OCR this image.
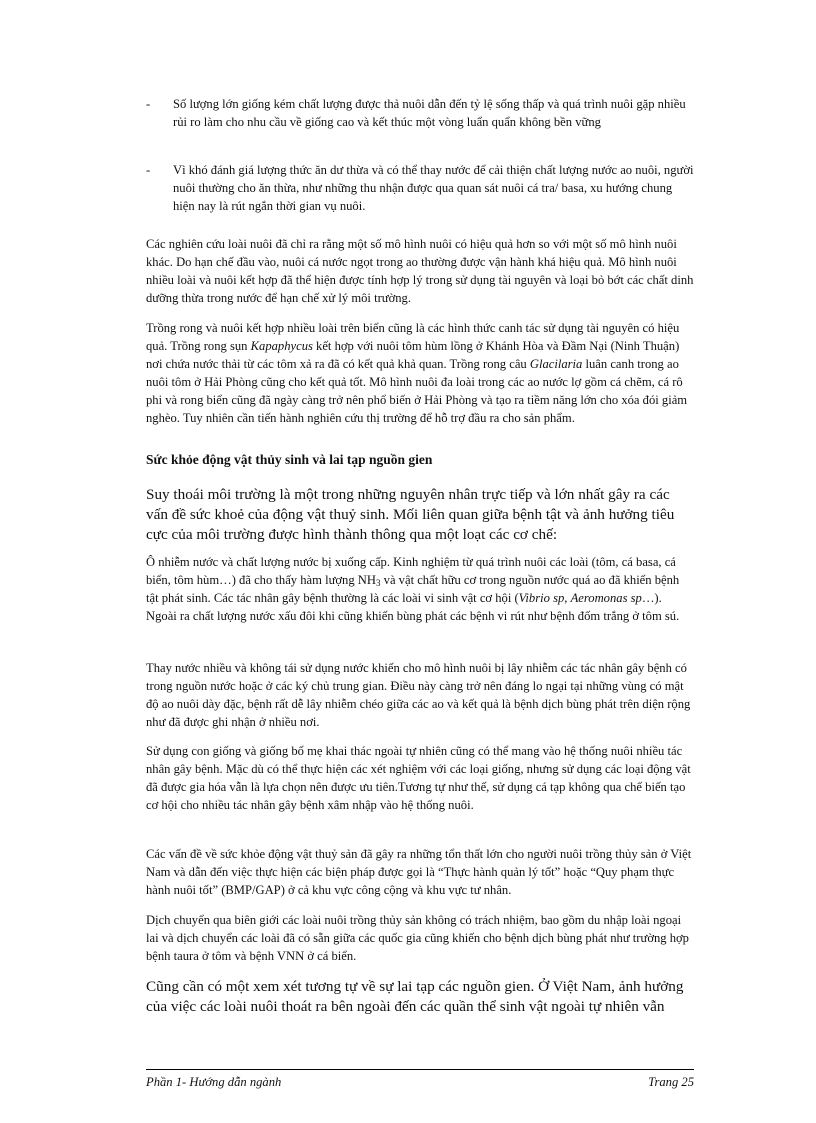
-	Số lượng lớn giống kém chất lượng được thả nuôi dẫn đến tỷ lệ sống thấp và quá trình nuôi gặp nhiều rủi ro làm cho nhu cầu về giống cao và kết thúc một vòng luẩn quẩn không bền vững
-	Vì khó đánh giá lượng thức ăn dư thừa và có thể thay nước để cải thiện chất lượng nước ao nuôi, người nuôi thường cho ăn thừa, như những thu nhận được qua quan sát nuôi cá tra/ basa, xu hướng chung hiện nay là rút ngắn thời gian vụ nuôi.
Các nghiên cứu loài nuôi đã chỉ ra rằng một số mô hình nuôi có hiệu quả hơn so với một số mô hình nuôi khác. Do hạn chế đầu vào, nuôi cá nước ngọt trong ao thường được vận hành khá hiệu quả. Mô hình nuôi nhiều loài và nuôi kết hợp đã thể hiện được tính hợp lý trong sử dụng tài nguyên và loại bỏ bớt các chất dinh dưỡng thừa trong nước để hạn chế xử lý môi trường.
Trồng rong và nuôi kết hợp nhiều loài trên biển cũng là các hình thức canh tác sử dụng tài nguyên có hiệu quả. Trồng rong sụn Kapaphycus kết hợp với nuôi tôm hùm lồng ở Khánh Hòa và Đầm Nại (Ninh Thuận) nơi chứa nước thải từ các tôm xả ra đã có kết quả khả quan. Trồng rong câu Glacilaria luân canh trong ao nuôi tôm ở Hải Phòng cũng cho kết quả tốt. Mô hình nuôi đa loài trong các ao nước lợ gồm cá chẽm, cá rô phi và rong biển cũng đã ngày càng trở nên phổ biến ở Hải Phòng và tạo ra tiềm năng lớn cho xóa đói giảm nghèo. Tuy nhiên cần tiến hành nghiên cứu thị trường để hỗ trợ đầu ra cho sản phẩm.
Sức khỏe động vật thủy sinh và lai tạp nguồn gien
Suy thoái môi trường là một trong những nguyên nhân trực tiếp và lớn nhất gây ra các vấn đề sức khoẻ của động vật thuỷ sinh. Mối liên quan giữa bệnh tật và ảnh hưởng tiêu cực của môi trường được hình thành thông qua một loạt các cơ chế:
Ô nhiễm nước và chất lượng nước bị xuống cấp. Kinh nghiệm từ quá trình nuôi các loài (tôm, cá basa, cá biển, tôm hùm…) đã cho thấy hàm lượng $NH_3$ và vật chất hữu cơ trong nguồn nước quá ao đã khiến bệnh tật phát sinh. Các tác nhân gây bệnh thường là các loài vi sinh vật cơ hội (Vibrio sp, Aeromonas sp…). Ngoài ra chất lượng nước xấu đôi khi cũng khiến bùng phát các bệnh vi rút như bệnh đốm trắng ở tôm sú.
Thay nước nhiều và không tái sử dụng nước khiến cho mô hình nuôi bị lây nhiễm các tác nhân gây bệnh có trong nguồn nước hoặc ở các ký chủ trung gian. Điều này càng trở nên đáng lo ngại tại những vùng có mật độ ao nuôi dày đặc, bệnh rất dễ lây nhiễm chéo giữa các ao và kết quả là bệnh dịch bùng phát trên diện rộng như đã được ghi nhận ở nhiều nơi.
Sử dụng con giống và giống bố mẹ khai thác ngoài tự nhiên cũng có thể mang vào hệ thống nuôi nhiều tác nhân gây bệnh. Mặc dù có thể thực hiện các xét nghiệm với các loại giống, nhưng sử dụng các loại động vật đã được gia hóa vẫn là lựa chọn nên được ưu tiên.Tương tự như thế, sử dụng cá tạp không qua chế biến tạo cơ hội cho nhiều tác nhân gây bệnh xâm nhập vào hệ thống nuôi.
Các vấn đề về sức khỏe động vật thuỷ sản đã gây ra những tổn thất lớn cho người nuôi trồng thủy sản ở Việt Nam và dẫn đến việc thực hiện các biện pháp được gọi là “Thực hành quản lý tốt” hoặc “Quy phạm thực hành nuôi tốt” (BMP/GAP) ở cả khu vực công cộng và khu vực tư nhân.
Dịch chuyển qua biên giới các loài nuôi trồng thủy sản không có trách nhiệm, bao gồm du nhập loài ngoại lai và dịch chuyển các loài đã có sẵn giữa các quốc gia cũng khiến cho bệnh dịch bùng phát như trường hợp bệnh taura ở tôm và bệnh VNN ở cá biển.
Cũng cần có một xem xét tương tự về sự lai tạp các nguồn gien. Ở Việt Nam, ảnh hưởng của việc các loài nuôi thoát ra bên ngoài đến các quần thể sinh vật ngoài tự nhiên vẫn
Phần 1- Hướng dẫn ngành	Trang 25
